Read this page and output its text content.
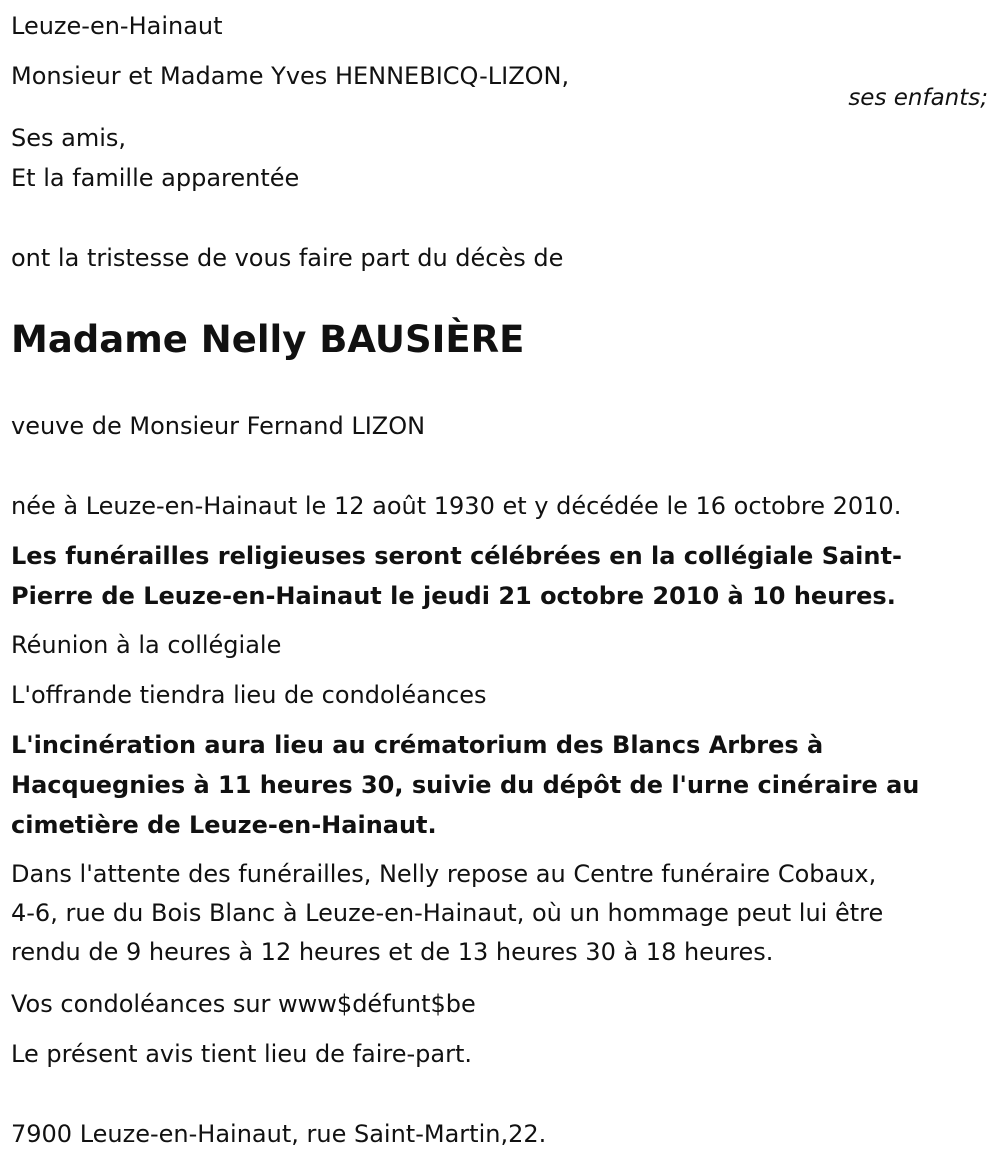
Leuze-en-Hainaut

Monsieur et Madame Yves HENNEBICQ-LIZON,

ses enfants;

Ses amis,

Et la famille apparentée

ont la tristesse de vous faire part du décès de

Madame Nelly BAUSIÈRE

veuve de Monsieur Fernand LIZON

née à Leuze-en-Hainaut le 12 août 1930 et y décédée le 16 octobre 2010.

Les funérailles religieuses seront célébrées en la collégiale Saint-
Pierre de Leuze-en-Hainaut le jeudi 21 octobre 2010 à 10 heures.

Réunion à la collégiale

L'offrande tiendra lieu de condoléances

L'incinération aura lieu au crématorium des Blancs Arbres à
Hacquegnies à 11 heures 30, suivie du dépôt de l'urne cinéraire au
cimetière de Leuze-en-Hainaut.

Dans l'attente des funérailles, Nelly repose au Centre funéraire Cobaux,
4-6, rue du Bois Blanc à Leuze-en-Hainaut, où un hommage peut lui être
rendu de 9 heures à 12 heures et de 13 heures 30 à 18 heures.

Vos condoléances sur www$défunt$be

Le présent avis tient lieu de faire-part.

7900 Leuze-en-Hainaut, rue Saint-Martin,22.
